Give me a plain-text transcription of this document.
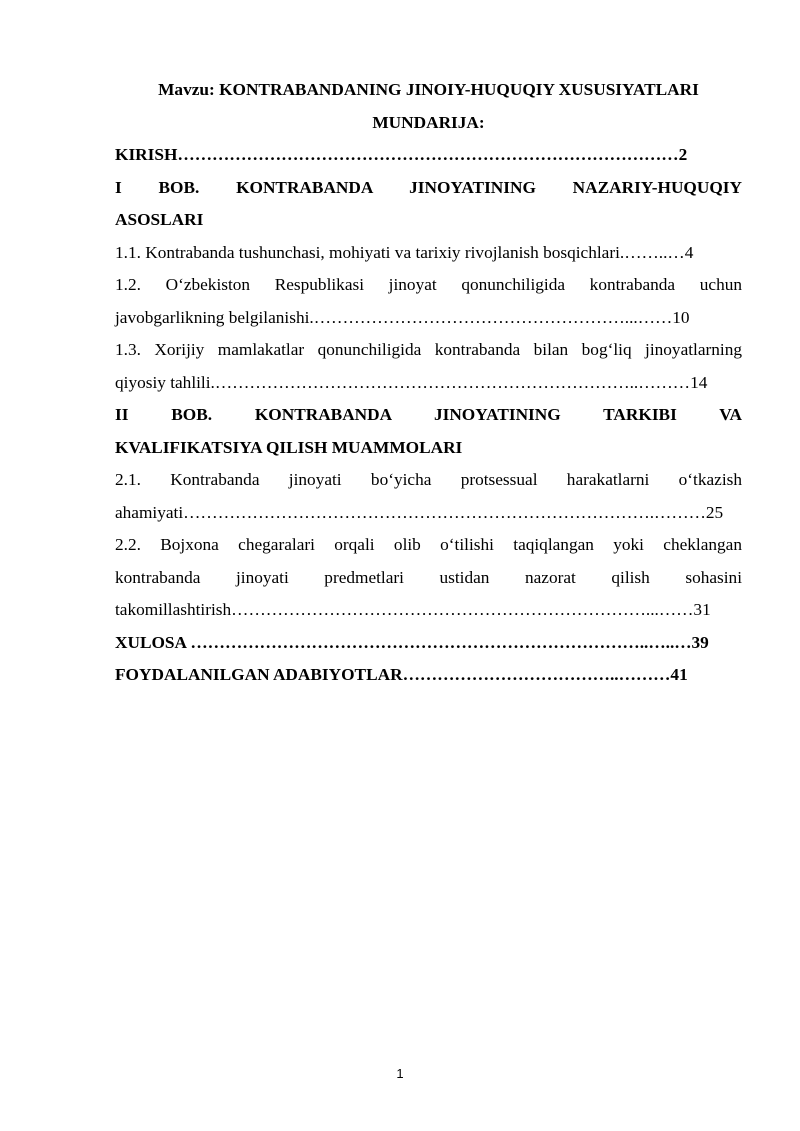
Mavzu: KONTRABANDANING JINOIY-HUQUQIY XUSUSIYATLARI

MUNDARIJA:

KIRISH……………………………………………………………………………2

I BOB. KONTRABANDA JINOYATINING NAZARIY-HUQUQIY

ASOSLARI

1.1. Kontrabanda tushunchasi, mohiyati va tarixiy rivojlanish bosqichlari.……..…4

1.2. O‘zbekiston Respublikasi jinoyat qonunchiligida kontrabanda uchun

javobgarlikning belgilanishi.………………………………………………...……10

1.3. Xorijiy mamlakatlar qonunchiligida kontrabanda bilan bog‘liq jinoyatlarning

qiyosiy tahlili.………………………………………………………………..………14

II BOB. KONTRABANDA JINOYATINING TARKIBI VA

KVALIFIKATSIYA QILISH MUAMMOLARI

2.1. Kontrabanda jinoyati bo‘yicha protsessual harakatlarni o‘tkazish

ahamiyati……………………………………………………………………….………25

2.2. Bojxona chegaralari orqali olib o‘tilishi taqiqlangan yoki cheklangan

kontrabanda jinoyati predmetlari ustidan nazorat qilish sohasini

takomillashtirish………………………………………………………………...……31

XULOSA ……………………………………………………………………..…..…39

FOYDALANILGAN ADABIYOTLAR………………………………..………41

1
